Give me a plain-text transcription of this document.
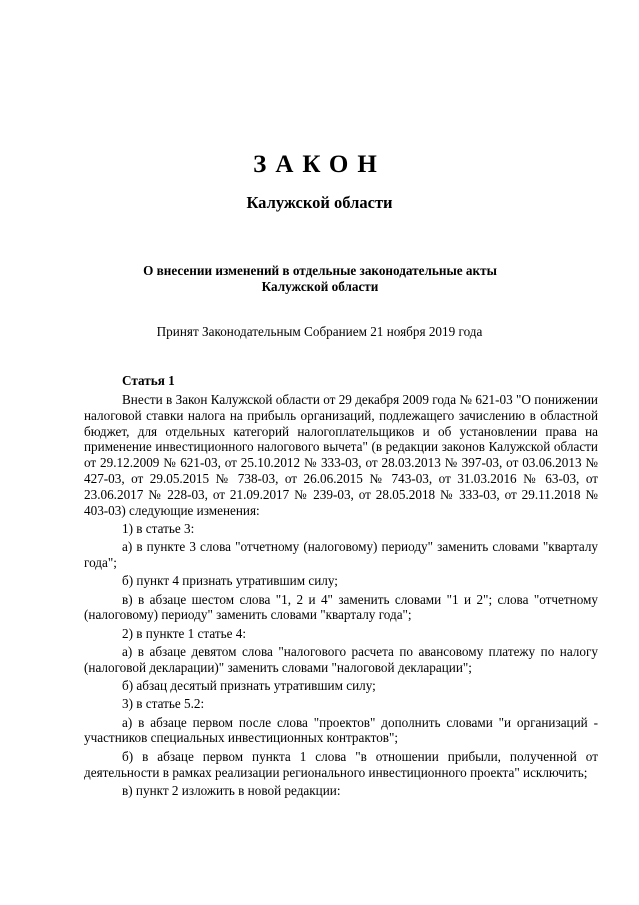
ЗАКОН
Калужской области
О внесении изменений в отдельные законодательные акты
Калужской области

Принят Законодательным Собранием 21 ноября 2019 года

Статья 1

Внести в Закон Калужской области от 29 декабря 2009 года № 621-03 "О понижении налоговой ставки налога на прибыль организаций, подлежащего зачислению в областной бюджет, для отдельных категорий налогоплательщиков и об установлении права на применение инвестиционного налогового вычета" (в редакции законов Калужской области от 29.12.2009 № 621-03, от 25.10.2012 № 333-03, от 28.03.2013 № 397-03, от 03.06.2013 № 427-03, от 29.05.2015 № 738-03, от 26.06.2015 № 743-03, от 31.03.2016 № 63-03, от 23.06.2017 № 228-03, от 21.09.2017 № 239-03, от 28.05.2018 № 333-03, от 29.11.2018 № 403-03) следующие изменения:

1) в статье 3:

а) в пункте 3 слова "отчетному (налоговому) периоду" заменить словами "кварталу года";

б) пункт 4 признать утратившим силу;

в) в абзаце шестом слова "1, 2 и 4" заменить словами "1 и 2"; слова "отчетному (налоговому) периоду" заменить словами "кварталу года";

2) в пункте 1 статье 4:

а) в абзаце девятом слова "налогового расчета по авансовому платежу по налогу (налоговой декларации)" заменить словами "налоговой декларации";

б) абзац десятый признать утратившим силу;

3) в статье 5.2:

а) в абзаце первом после слова "проектов" дополнить словами "и организаций - участников специальных инвестиционных контрактов";

б) в абзаце первом пункта 1 слова "в отношении прибыли, полученной от деятельности в рамках реализации регионального инвестиционного проекта" исключить;

в) пункт 2 изложить в новой редакции:
